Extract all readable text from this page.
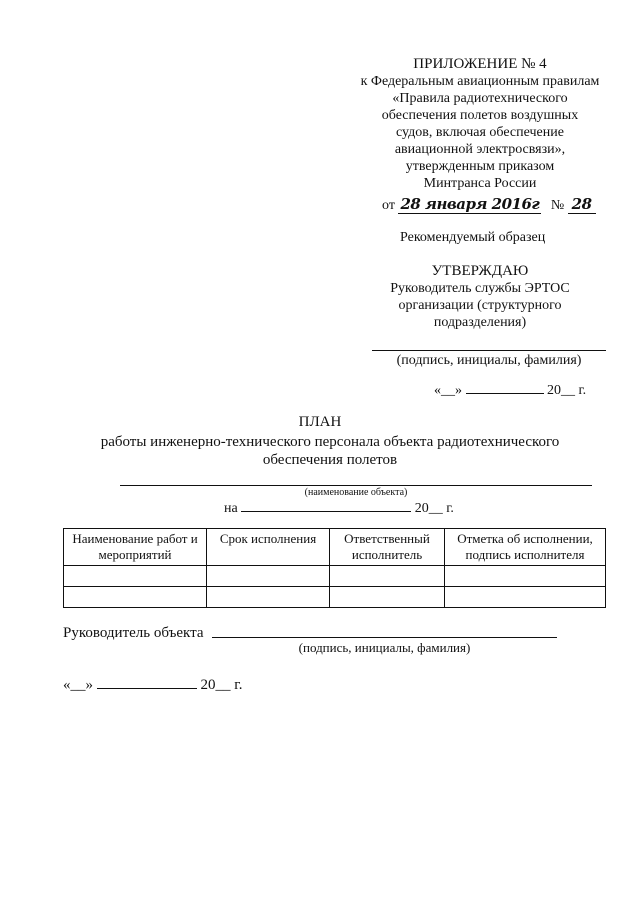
ПРИЛОЖЕНИЕ № 4
к Федеральным авиационным правилам
«Правила радиотехнического
обеспечения полетов воздушных
судов, включая обеспечение
авиационной электросвязи»,
утвержденным приказом
Минтранса России
от 28 января 2016г № 28
Рекомендуемый образец
УТВЕРЖДАЮ
Руководитель службы ЭРТОС
организации (структурного
подразделения)
(подпись, инициалы, фамилия)
«__»	20__ г.
ПЛАН
работы инженерно-технического персонала объекта радиотехнического обеспечения полетов
(наименование объекта)
на	20__ г.
Наименование работ и мероприятий	Срок исполнения	Ответственный исполнитель	Отметка об исполнении, подпись исполнителя

Руководитель объекта
(подпись, инициалы, фамилия)
«__»	20__ г.
